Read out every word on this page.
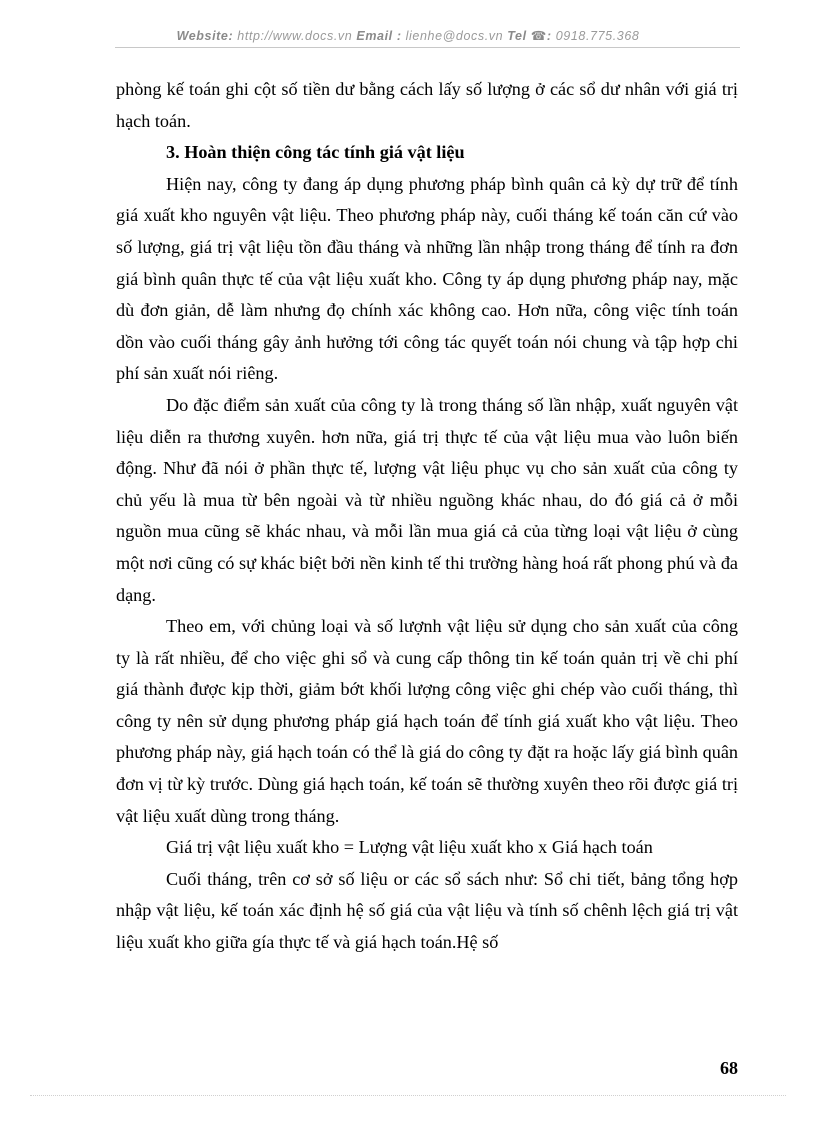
Website: http://www.docs.vn Email : lienhe@docs.vn Tel ☎: 0918.775.368

phòng kế toán ghi cột số tiền dư bằng cách lấy số lượng ở các sổ dư nhân với giá trị hạch toán.

3. Hoàn thiện công tác tính giá vật liệu

Hiện nay, công ty đang áp dụng phương pháp bình quân cả kỳ dự trữ để tính giá xuất kho nguyên vật liệu. Theo phương pháp này, cuối tháng kế toán căn cứ vào số lượng, giá trị vật liệu tồn đầu tháng và những lần nhập trong tháng để tính ra đơn giá bình quân thực tế của vật liệu xuất kho. Công ty áp dụng phương pháp nay, mặc dù đơn giản, dễ làm nhưng đọ chính xác không cao. Hơn nữa, công việc tính toán dồn vào cuối tháng gây ảnh hưởng tới công tác quyết toán nói chung và tập hợp chi phí sản xuất nói riêng.

Do đặc điểm sản xuất của công ty là trong tháng số lần nhập, xuất nguyên vật liệu diễn ra thương xuyên. hơn nữa, giá trị thực tế của vật liệu mua vào luôn biến động. Như đã nói ở phần thực tế, lượng vật liệu phục vụ cho sản xuất của công ty chủ yếu là mua từ bên ngoài và từ nhiều nguồng khác nhau, do đó giá cả ở mỗi nguồn mua cũng sẽ khác nhau, và mỗi lần mua giá cả của từng loại vật liệu ở cùng một nơi cũng có sự khác biệt bởi nền kinh tế thi trường hàng hoá rất phong phú và đa dạng.

Theo em, với chủng loại và số lượnh vật liệu sử dụng cho sản xuất của công ty là rất nhiều, để cho việc ghi sổ và cung cấp thông tin kế toán quản trị về chi phí giá thành được kịp thời, giảm bớt khối lượng công việc ghi chép vào cuối tháng, thì công ty nên sử dụng phương pháp giá hạch toán để tính giá xuất kho vật liệu. Theo phương pháp này, giá hạch toán có thể là giá do công ty đặt ra hoặc lấy giá bình quân đơn vị từ kỳ trước. Dùng giá hạch toán, kế toán sẽ thường xuyên theo rõi được giá trị vật liệu xuất dùng trong tháng.

Giá trị vật liệu xuất kho = Lượng vật liệu xuất kho x Giá hạch toán

Cuối tháng, trên cơ sở số liệu or các sổ sách như: Sổ chi tiết, bảng tổng hợp nhập vật liệu, kế toán xác định hệ số giá của vật liệu và tính số chênh lệch giá trị vật liệu xuất kho giữa gía thực tế và giá hạch toán.Hệ số

68
